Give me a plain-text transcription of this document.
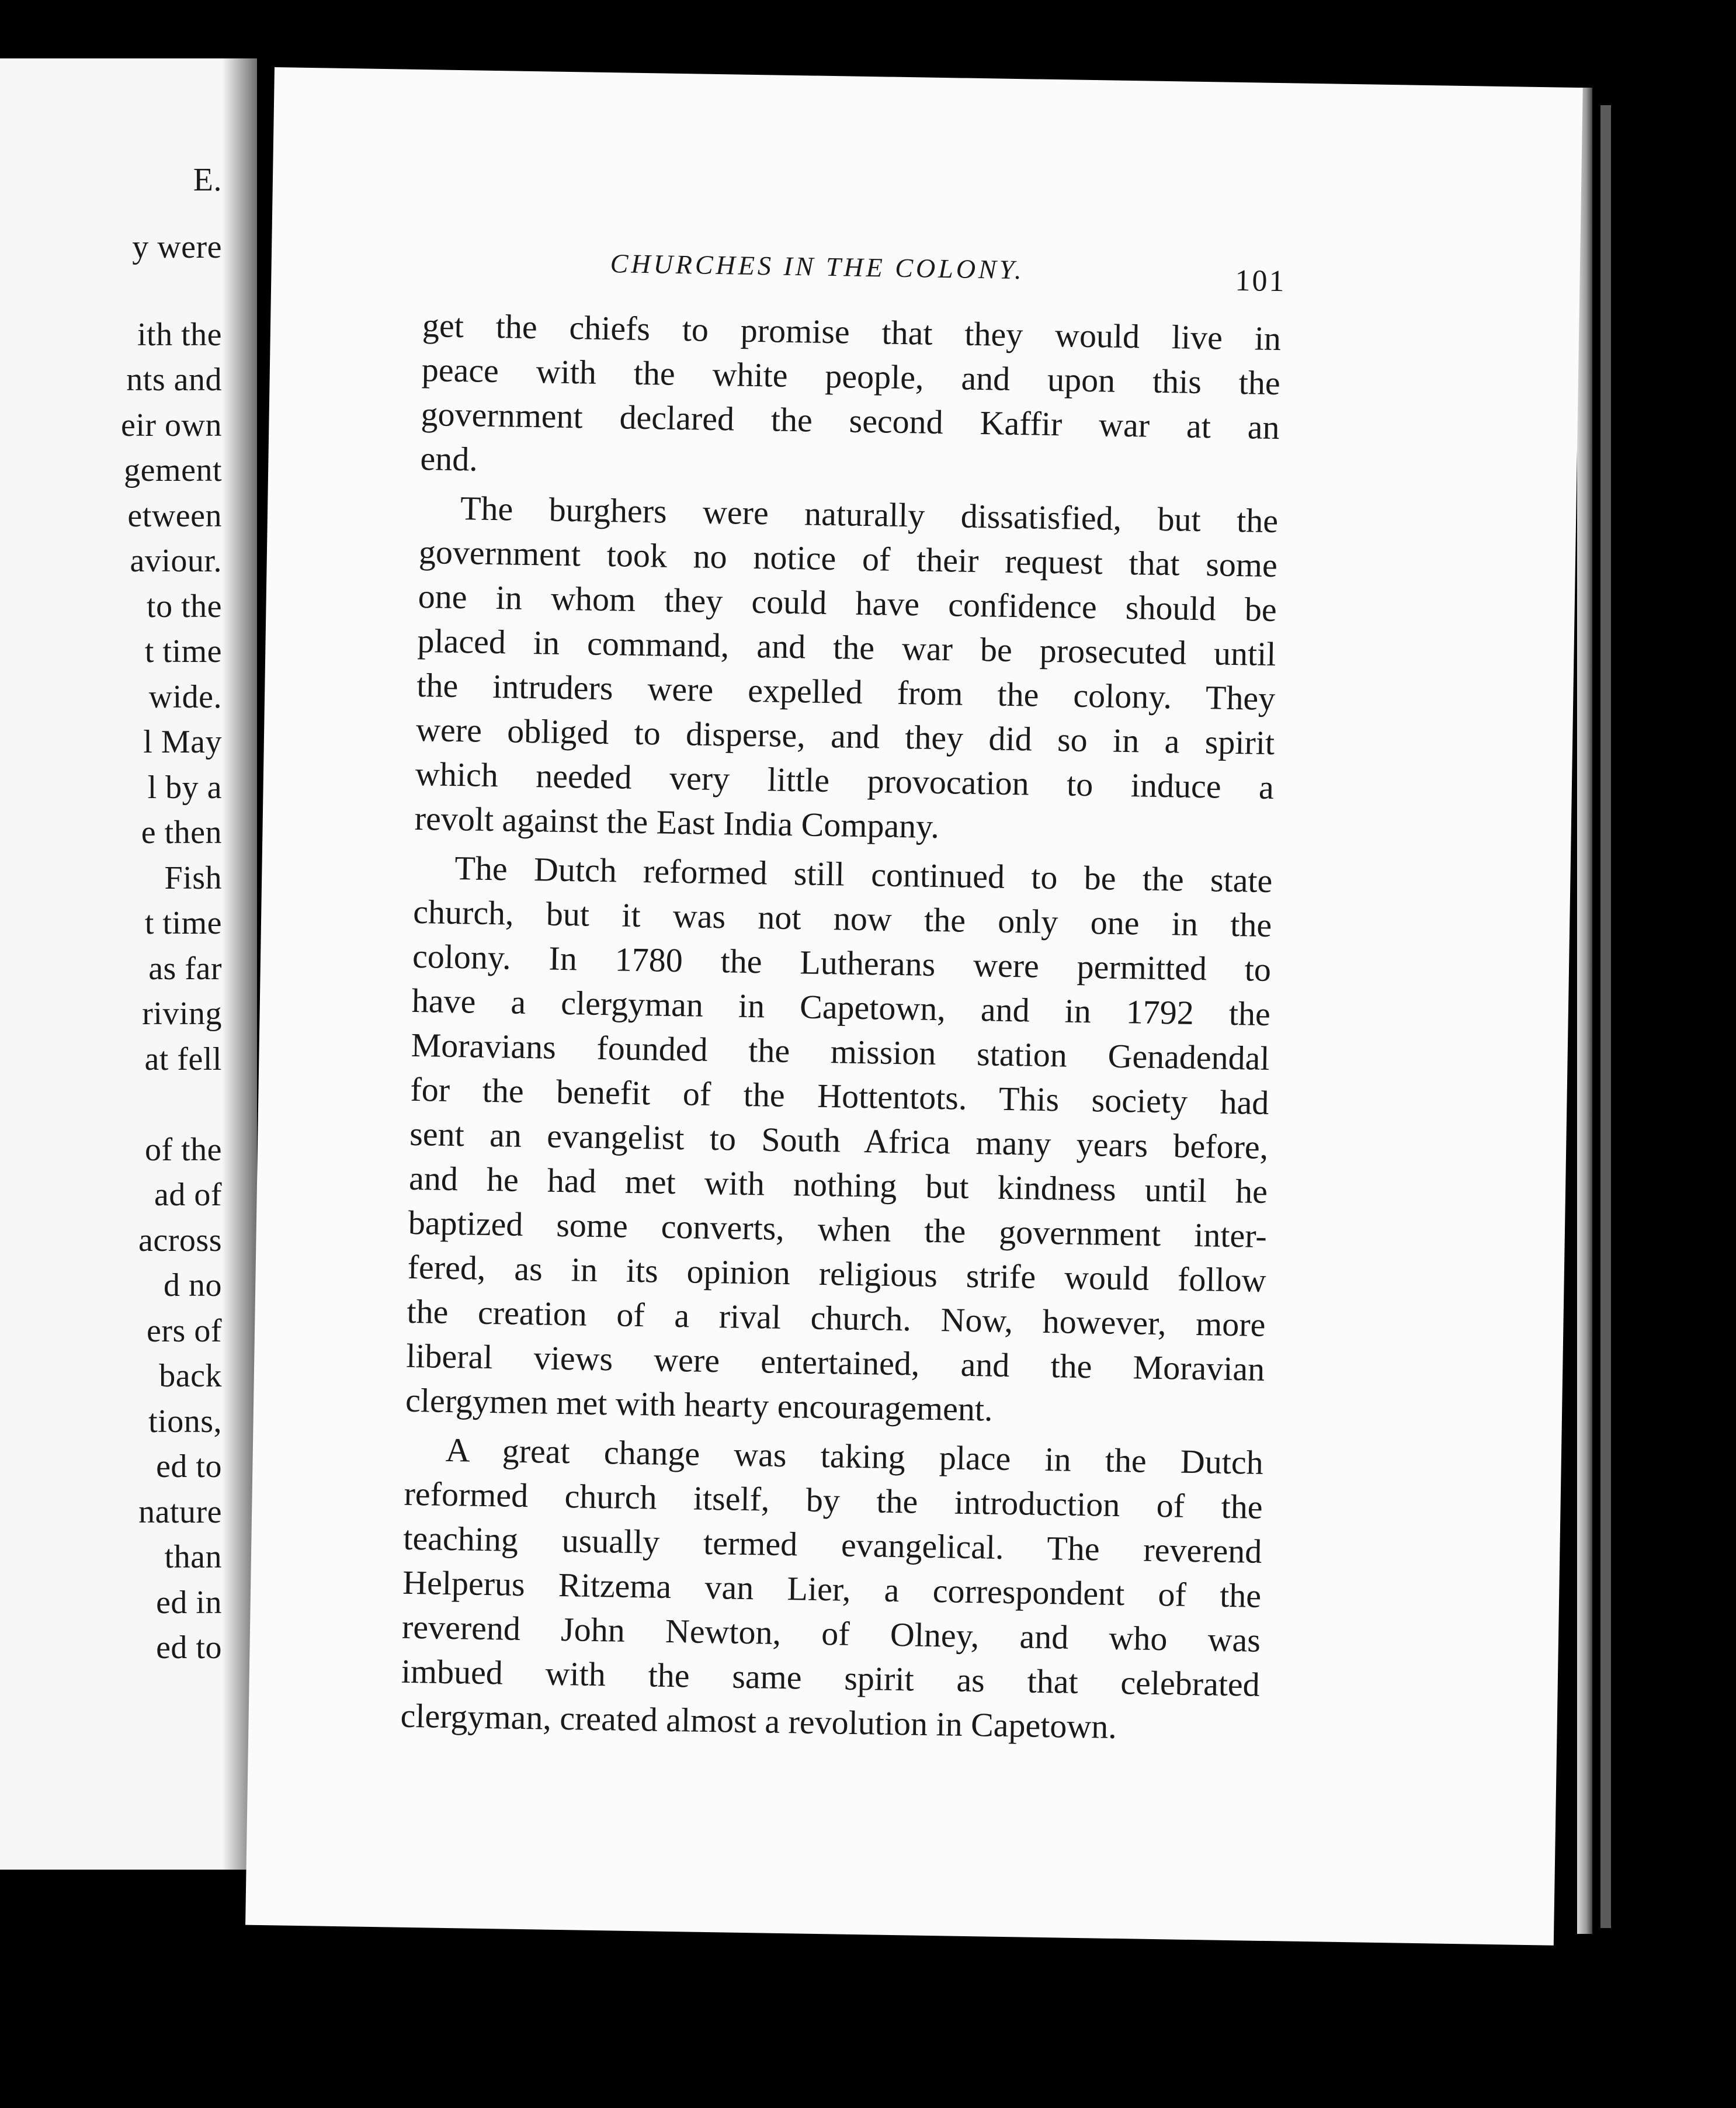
E.
y were
ith the
nts and
eir own
gement
etween
aviour.
to the
t time
wide.
l May
l by a
e then
Fish
t time
as far
riving
at fell
of the
ad of
across
d no
ers of
back
tions,
ed to
nature
than
ed in
ed to
CHURCHES IN THE COLONY.	101
get the chiefs to promise that they would live in
peace with the white people, and upon this the
government declared the second Kaffir war at an
end.
The burghers were naturally dissatisfied, but the
government took no notice of their request that some
one in whom they could have confidence should be
placed in command, and the war be prosecuted until
the intruders were expelled from the colony. They
were obliged to disperse, and they did so in a spirit
which needed very little provocation to induce a
revolt against the East India Company.
The Dutch reformed still continued to be the state
church, but it was not now the only one in the
colony. In 1780 the Lutherans were permitted to
have a clergyman in Capetown, and in 1792 the
Moravians founded the mission station Genadendal
for the benefit of the Hottentots. This society had
sent an evangelist to South Africa many years before,
and he had met with nothing but kindness until he
baptized some converts, when the government inter-
fered, as in its opinion religious strife would follow
the creation of a rival church. Now, however, more
liberal views were entertained, and the Moravian
clergymen met with hearty encouragement.
A great change was taking place in the Dutch
reformed church itself, by the introduction of the
teaching usually termed evangelical. The reverend
Helperus Ritzema van Lier, a correspondent of the
reverend John Newton, of Olney, and who was
imbued with the same spirit as that celebrated
clergyman, created almost a revolution in Capetown.
